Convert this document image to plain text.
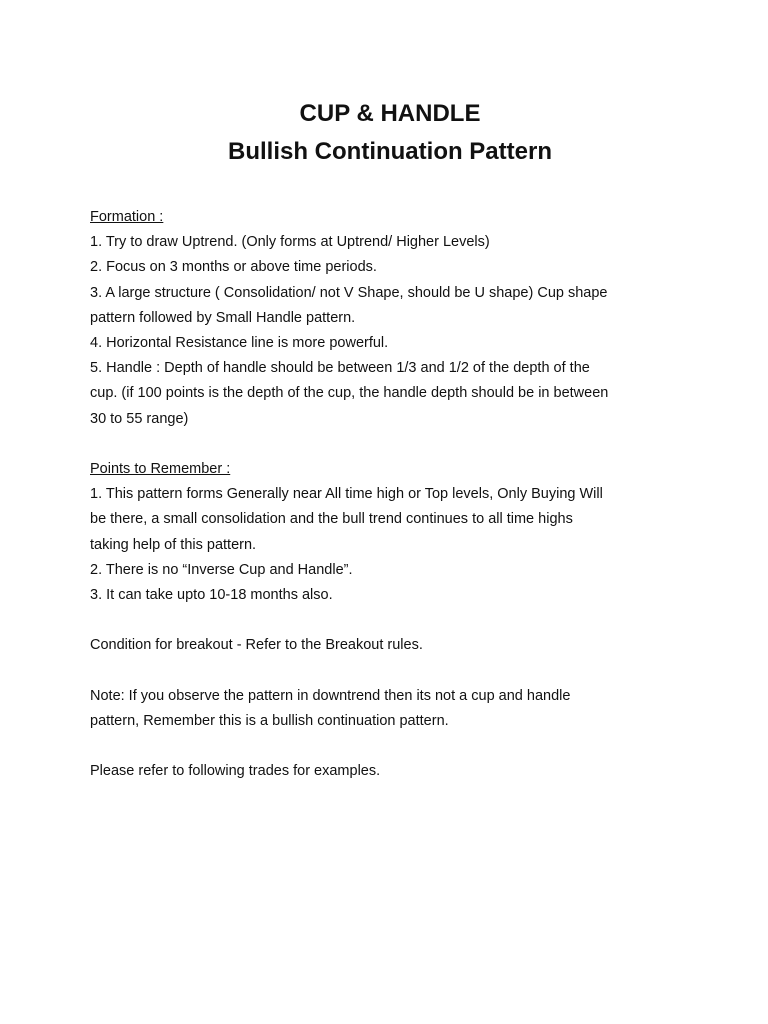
CUP & HANDLE

Bullish Continuation Pattern

Formation :

1. Try to draw Uptrend. (Only forms at Uptrend/ Higher Levels)

2. Focus on 3 months or above time periods.

3. A large structure ( Consolidation/ not V Shape, should be U shape) Cup shape

pattern followed by Small Handle pattern.

4. Horizontal Resistance line is more powerful.

5. Handle : Depth of handle should be between 1/3 and 1/2 of the depth of the

cup. (if 100 points is the depth of the cup, the handle depth should be in between

30 to 55 range)

Points to Remember :

1. This pattern forms Generally near All time high or Top levels, Only Buying Will

be there, a small consolidation and the bull trend continues to all time highs

taking help of this pattern.

2. There is no “Inverse Cup and Handle”.

3. It can take upto 10-18 months also.

Condition for breakout - Refer to the Breakout rules.

Note: If you observe the pattern in downtrend then its not a cup and handle

pattern, Remember this is a bullish continuation pattern.

Please refer to following trades for examples.
